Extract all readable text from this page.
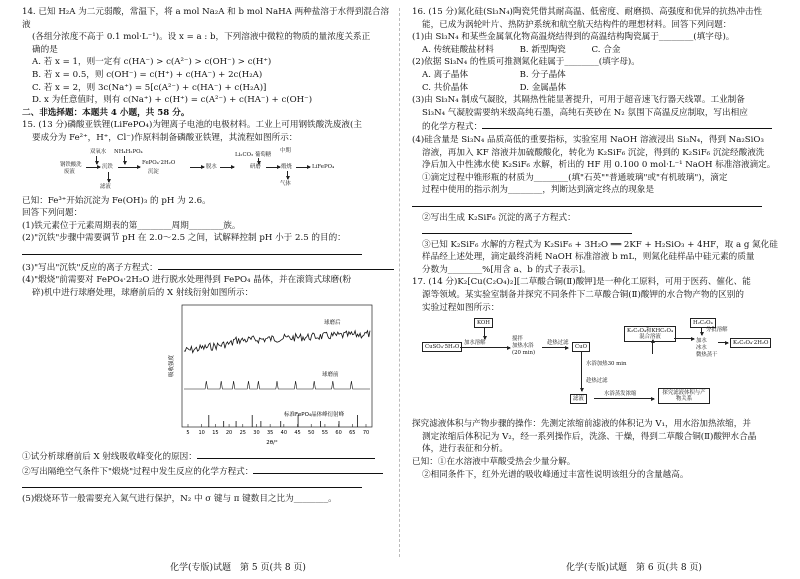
14. 已知 H₂A 为二元弱酸，常温下，将 a mol Na₂A 和 b mol NaHA 两种盐溶于水得到混合溶液

(各组分浓度不高于 0.1 mol·L⁻¹)。设 x = a : b，下列溶液中微粒的物质的量浓度关系正

确的是

A. 若 x = 1，则一定有 c(HA⁻) > c(A²⁻) > c(OH⁻) > c(H⁺)

B. 若 x = 0.5，则 c(OH⁻) = c(H⁺) + c(HA⁻) + 2c(H₂A)

C. 若 x = 2，则 3c(Na⁺) = 5[c(A²⁻) + c(HA⁻) + c(H₂A)]

D. x 为任意值时，则有 c(Na⁺) + c(H⁺) = c(A²⁻) + c(HA⁻) + c(OH⁻)

二、非选择题：本题共 4 小题，共 58 分。

15. (13 分)磷酸亚铁锂(LiFePO₄)为锂离子电池的电极材料。工业上可用钢铁酸洗废液(主

要成分为 Fe²⁺，H⁺，Cl⁻)作原料制备磷酸亚铁锂，其流程如图所示：

双氧水 NH₄H₂PO₄
钢铁酸洗
废液
沉铁
滤液
FePO₄·2H₂O
沉淀
脱水
Li₂CO₃ 葡萄糖
研磨
中期
煅烧
气体
LiFePO₄

已知：Fe³⁺开始沉淀为 Fe(OH)₃ 的 pH 为 2.6。

回答下列问题：

(1)铁元素位于元素周期表的第________周期________族。

(2)"沉铁"步骤中需要调节 pH 在 2.0～2.5 之间，试解释控制 pH 小于 2.5 的目的：

(3)"写出"沉铁"反应的离子方程式：

(4)"煅烧"前需要对 FePO₄·2H₂O 进行脱水处理得到 FePO₄ 晶体，并在滚筒式球磨(粉

碎)机中进行球磨处理，球磨前后的 X 射线衍射如图所示：

吸收强度
球磨后
球磨前
标准FePO₄晶体峰衍射峰
5 10 15 20 25 30 35 40 45 50 55 60 65 70
2θ/°

①试分析球磨前后 X 射线吸收峰变化的原因：

②写出隔绝空气条件下"煅烧"过程中发生反应的化学方程式：

(5)煅烧环节一般需要充入氮气进行保护，N₂ 中 σ 键与 π 键数目之比为________。

16. (15 分)氮化硅(Si₃N₄)陶瓷凭借其耐高温、低密度、耐磨损、高强度和优异的抗热冲击性

能，已成为涡轮叶片、热防护系统和航空航天结构件的理想材料。回答下列问题：

(1)由 Si₃N₄ 和某些金属氧化物高温烧结得到的高温结构陶瓷属于________(填字母)。

A. 传统硅酸盐材料　　　B. 新型陶瓷　　　C. 合金

(2)依据 Si₃N₄ 的性质可推测氮化硅属于________(填字母)。

A. 离子晶体　　　　　　B. 分子晶体

C. 共价晶体　　　　　　D. 金属晶体

(3)由 Si₃N₄ 制成气凝胶，其隔热性能显著提升，可用于超音速飞行器天线罩。工业制备

Si₃N₄ 气凝胶需要纳米级高纯石墨，高纯石英砂在 N₂ 氛围下高温反应制取，写出相应

的化学方程式：

(4)硅含量是 Si₃N₄ 品质高低的重要指标，实验室用 NaOH 溶液浸出 Si₃N₄，得到 Na₂SiO₃

溶液，再加入 KF 溶液并加硫酸酸化，转化为 K₂SiF₆ 沉淀，得到的 K₂SiF₆ 沉淀经酸液洗

净后加入中性沸水使 K₂SiF₆ 水解，析出的 HF 用 0.100 0 mol·L⁻¹ NaOH 标准溶液滴定。

①滴定过程中锥形瓶的材质为________(填"石英""普通玻璃"或"有机玻璃")，滴定

过程中使用的指示剂为________，判断达到滴定终点的现象是

②写出生成 K₂SiF₆ 沉淀的离子方程式：

③已知 K₂SiF₆ 水解的方程式为 K₂SiF₆ + 3H₂O ══ 2KF + H₂SiO₃ + 4HF，取 a g 氮化硅

样品经上述处理，滴定最终消耗 NaOH 标准溶液 b mL，则氮化硅样品中硅元素的质量

分数为________%[用含 a、b 的式子表示]。

17. (14 分)K₂[Cu(C₂O₄)₂][二草酸合铜(Ⅱ)酸钾]是一种化工原料，可用于医药、催化、能

源等领域。某实验室制备并探究不同条件下二草酸合铜(Ⅱ)酸钾的水合物产物的区别的

实验过程如图所示：

KOH
CuSO₄·5H₂O
加水溶解
搅拌
加热水浴
(20 min)
趁热过滤
CuO
K₂C₂O₄和KHC₂O₄
混合溶液
H₂C₂O₄
分批溶解
加水
冰水
微热蒸干
K₂C₂O₄·2H₂O
水浴加热30 min
趁热过滤
滤液
水浴蒸发浓缩	探究滤液体积与产物关系

探究滤液体积与产物步骤的操作：先测定浓缩前滤液的体积记为 V₁，用水浴加热浓缩，并

测定浓缩后体积记为 V₂，经一系列操作后，洗涤、干燥，得到二草酸合铜(Ⅱ)酸钾水合晶

体，进行表征和分析。

已知：①在水溶液中草酸受热会少量分解。

②相同条件下，红外光谱的吸收峰通过丰富性说明该组分的含量越高。

化学(专版)试题　第 5 页(共 8 页)	化学(专版)试题　第 6 页(共 8 页)
